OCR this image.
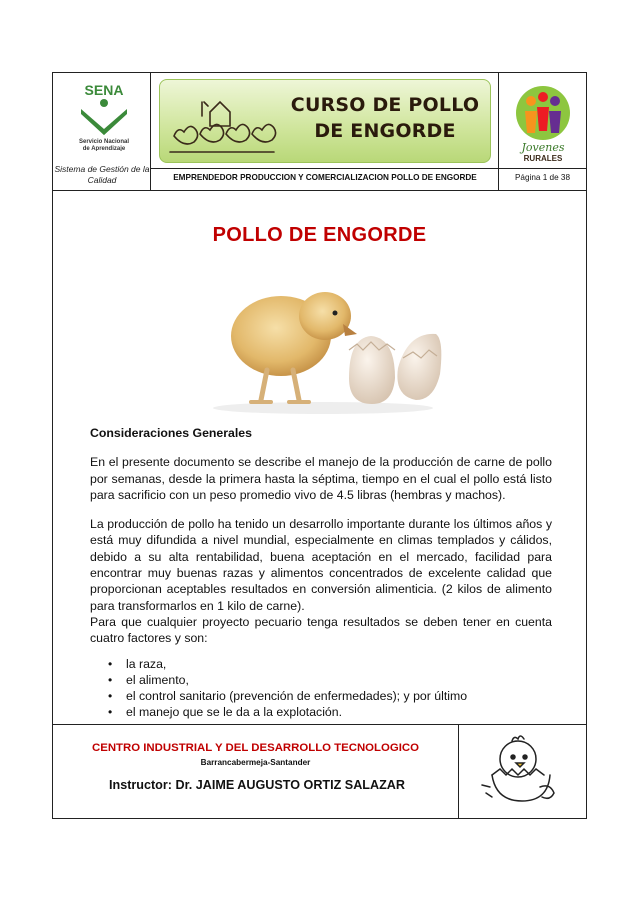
SENA
Servicio Nacional
de Aprendizaje
Sistema de Gestión de la Calidad
CURSO DE POLLO DE ENGORDE
Jovenes
RURALES
EMPRENDEDOR PRODUCCION Y COMERCIALIZACION POLLO DE ENGORDE	Página 1 de 38
POLLO DE ENGORDE
Consideraciones Generales

En el presente documento se describe el manejo de la producción de carne de pollo por semanas, desde la primera hasta la séptima, tiempo en el cual el pollo está listo para sacrificio con un peso promedio vivo de 4.5 libras (hembras y machos).

La producción de pollo ha tenido un desarrollo importante durante los últimos años y está muy difundida a nivel mundial, especialmente en climas templados y cálidos, debido a su alta rentabilidad, buena aceptación en el mercado, facilidad para encontrar muy buenas razas y alimentos concentrados de excelente calidad que proporcionan aceptables resultados en conversión alimenticia. (2 kilos de alimento para transformarlos en 1 kilo de carne).

Para que cualquier proyecto pecuario tenga resultados se deben tener en cuenta cuatro factores y son:

• la raza,
• el alimento,
• el control sanitario (prevención de enfermedades); y por último
• el manejo que se le da a la explotación.
CENTRO INDUSTRIAL Y DEL DESARROLLO TECNOLOGICO
Barrancabermeja-Santander
Instructor: Dr. JAIME AUGUSTO ORTIZ SALAZAR
